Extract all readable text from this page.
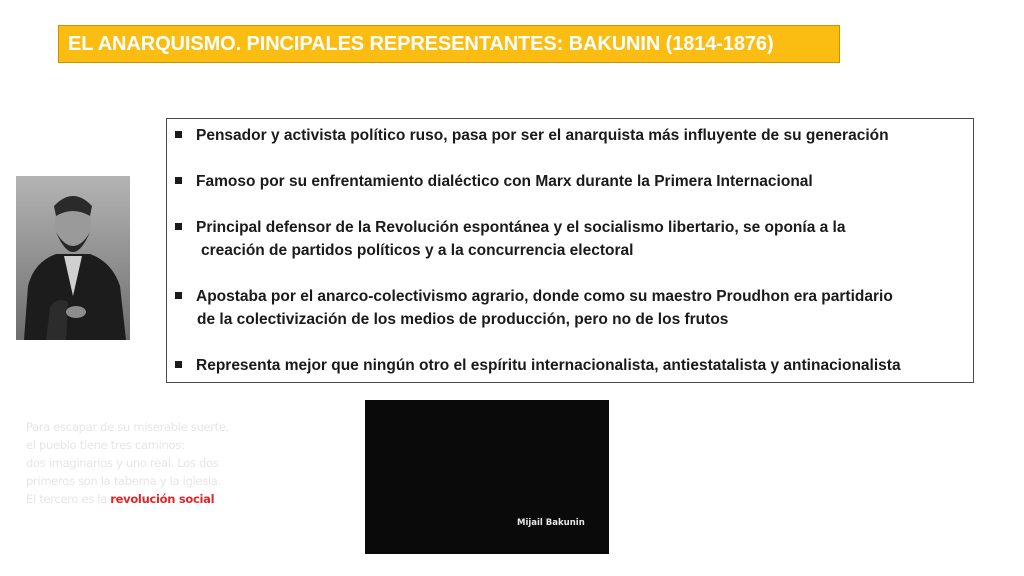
EL ANARQUISMO. PINCIPALES REPRESENTANTES: BAKUNIN (1814-1876)
Pensador y activista político ruso, pasa por ser el anarquista más influyente de su generación
Famoso por su enfrentamiento dialéctico con Marx durante la Primera Internacional
Principal defensor de la Revolución espontánea y el socialismo libertario, se oponía a la
creación de partidos políticos y a la concurrencia electoral
Apostaba por el anarco-colectivismo agrario, donde como su maestro Proudhon era partidario
de la colectivización de los medios de producción, pero no de los frutos
Representa mejor que ningún otro el espíritu internacionalista, antiestatalista y antinacionalista
Para escapar de su miserable suerte,
el pueblo tiene tres caminos:
dos imaginarios y uno real. Los dos
primeros son la taberna y la iglesia.
El tercero es la revolución social.
Mijail Bakunin
